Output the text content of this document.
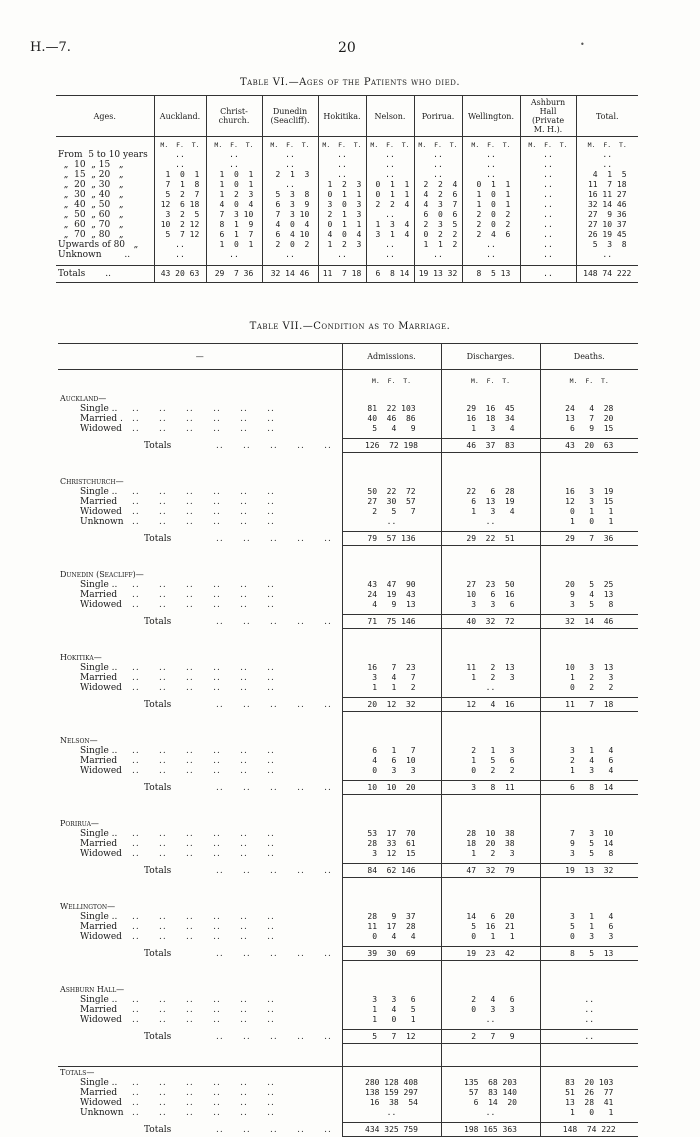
H.—7.	20
Table VI.—Ages of the Patients who died.
Ages.	Auckland.	Christ-
church.	Dunedin
(Seacliff).	Hokitika.	Nelson.	Porirua.	Wellington.	Ashburn
Hall
(Private
M. H.).	Total.
	M.  F.  T.	M.  F.  T.	M.  F.  T.	M.  F.  T.	M.  F.  T.	M.  F.  T.	M.  F.  T.	M.  F.  T.	M.  F.  T.
From  5 to 10 years	..	..	..	..	..	..	..	..	..
„  10  „ 15   „	..	..	..	..	..	..	..	..	..
„  15  „ 20   „	1  0  1	1  0  1	2  1  3	..	..	..	..	..	4  1  5
„  20  „ 30   „	7  1  8	1  0  1	..	1  2  3	0  1  1	2  2  4	0  1  1	..	11  7 18
„  30  „ 40   „	5  2  7	1  2  3	5  3  8	0  1  1	0  1  1	4  2  6	1  0  1	..	16 11 27
„  40  „ 50   „	12  6 18	4  0  4	6  3  9	3  0  3	2  2  4	4  3  7	1  0  1	..	32 14 46
„  50  „ 60   „	3  2  5	7  3 10	7  3 10	2  1  3	..	6  0  6	2  0  2	..	27  9 36
„  60  „ 70   „	10  2 12	8  1  9	4  0  4	0  1  1	1  3  4	2  3  5	2  0  2	..	27 10 37
„  70  „ 80   „	5  7 12	6  1  7	6  4 10	4  0  4	3  1  4	0  2  2	2  4  6	..	26 19 45
Upwards of 80   „	..	1  0  1	2  0  2	1  2  3	..	1  1  2	..	..	5  3  8
Unknown        ..	..	..	..	..	..	..	..	..	..

Totals       ..	43 20 63	29  7 36	32 14 46	11  7 18	6  8 14	19 13 32	8  5 13	..	148 74 222
Table VII.—Condition as to Marriage.
—	Admissions.	Discharges.	Deaths.
	M.  F.  T.	M.  F.  T.	M.  F.  T.
Auckland—			
Single .. ..     ..     ..     ..     ..     ..	81  22 103	29  16  45	24   4  28
Married . ..     ..     ..     ..     ..     ..	40  46  86	16  18  34	13   7  20
Widowed ..     ..     ..     ..     ..     ..	5   4   9	1   3   4	6   9  15

Totals ..     ..     ..     ..     ..	126  72 198	46  37  83	43  20  63

Christchurch—			
Single .. ..     ..     ..     ..     ..     ..	50  22  72	22   6  28	16   3  19
Married ..     ..     ..     ..     ..     ..	27  30  57	6  13  19	12   3  15
Widowed ..     ..     ..     ..     ..     ..	2   5   7	1   3   4	0   1   1
Unknown ..     ..     ..     ..     ..     ..	..	..	1   0   1

Totals ..     ..     ..     ..     ..	79  57 136	29  22  51	29   7  36

Dunedin (Seacliff)—			
Single .. ..     ..     ..     ..     ..     ..	43  47  90	27  23  50	20   5  25
Married ..     ..     ..     ..     ..     ..	24  19  43	10   6  16	9   4  13
Widowed ..     ..     ..     ..     ..     ..	4   9  13	3   3   6	3   5   8

Totals ..     ..     ..     ..     ..	71  75 146	40  32  72	32  14  46

Hokitika—			
Single .. ..     ..     ..     ..     ..     ..	16   7  23	11   2  13	10   3  13
Married ..     ..     ..     ..     ..     ..	3   4   7	1   2   3	1   2   3
Widowed ..     ..     ..     ..     ..     ..	1   1   2	..	0   2   2

Totals ..     ..     ..     ..     ..	20  12  32	12   4  16	11   7  18

Nelson—			
Single .. ..     ..     ..     ..     ..     ..	6   1   7	2   1   3	3   1   4
Married ..     ..     ..     ..     ..     ..	4   6  10	1   5   6	2   4   6
Widowed ..     ..     ..     ..     ..     ..	0   3   3	0   2   2	1   3   4

Totals ..     ..     ..     ..     ..	10  10  20	3   8  11	6   8  14

Porirua—			
Single .. ..     ..     ..     ..     ..     ..	53  17  70	28  10  38	7   3  10
Married ..     ..     ..     ..     ..     ..	28  33  61	18  20  38	9   5  14
Widowed ..     ..     ..     ..     ..     ..	3  12  15	1   2   3	3   5   8

Totals ..     ..     ..     ..     ..	84  62 146	47  32  79	19  13  32

Wellington—			
Single .. ..     ..     ..     ..     ..     ..	28   9  37	14   6  20	3   1   4
Married ..     ..     ..     ..     ..     ..	11  17  28	5  16  21	5   1   6
Widowed ..     ..     ..     ..     ..     ..	0   4   4	0   1   1	0   3   3

Totals ..     ..     ..     ..     ..	39  30  69	19  23  42	8   5  13

Ashburn Hall—			
Single .. ..     ..     ..     ..     ..     ..	3   3   6	2   4   6	..
Married ..     ..     ..     ..     ..     ..	1   4   5	0   3   3	..
Widowed ..     ..     ..     ..     ..     ..	1   0   1	..	..

Totals ..     ..     ..     ..     ..	5   7  12	2   7   9	..

Totals—			
Single .. ..     ..     ..     ..     ..     ..	280 128 408	135  68 203	83  20 103
Married ..     ..     ..     ..     ..     ..	138 159 297	57  83 140	51  26  77
Widowed ..     ..     ..     ..     ..     ..	16  38  54	6  14  20	13  28  41
Unknown ..     ..     ..     ..     ..     ..	..	..	1   0   1

Totals ..     ..     ..     ..     ..	434 325 759	198 165 363	148  74 222
•
